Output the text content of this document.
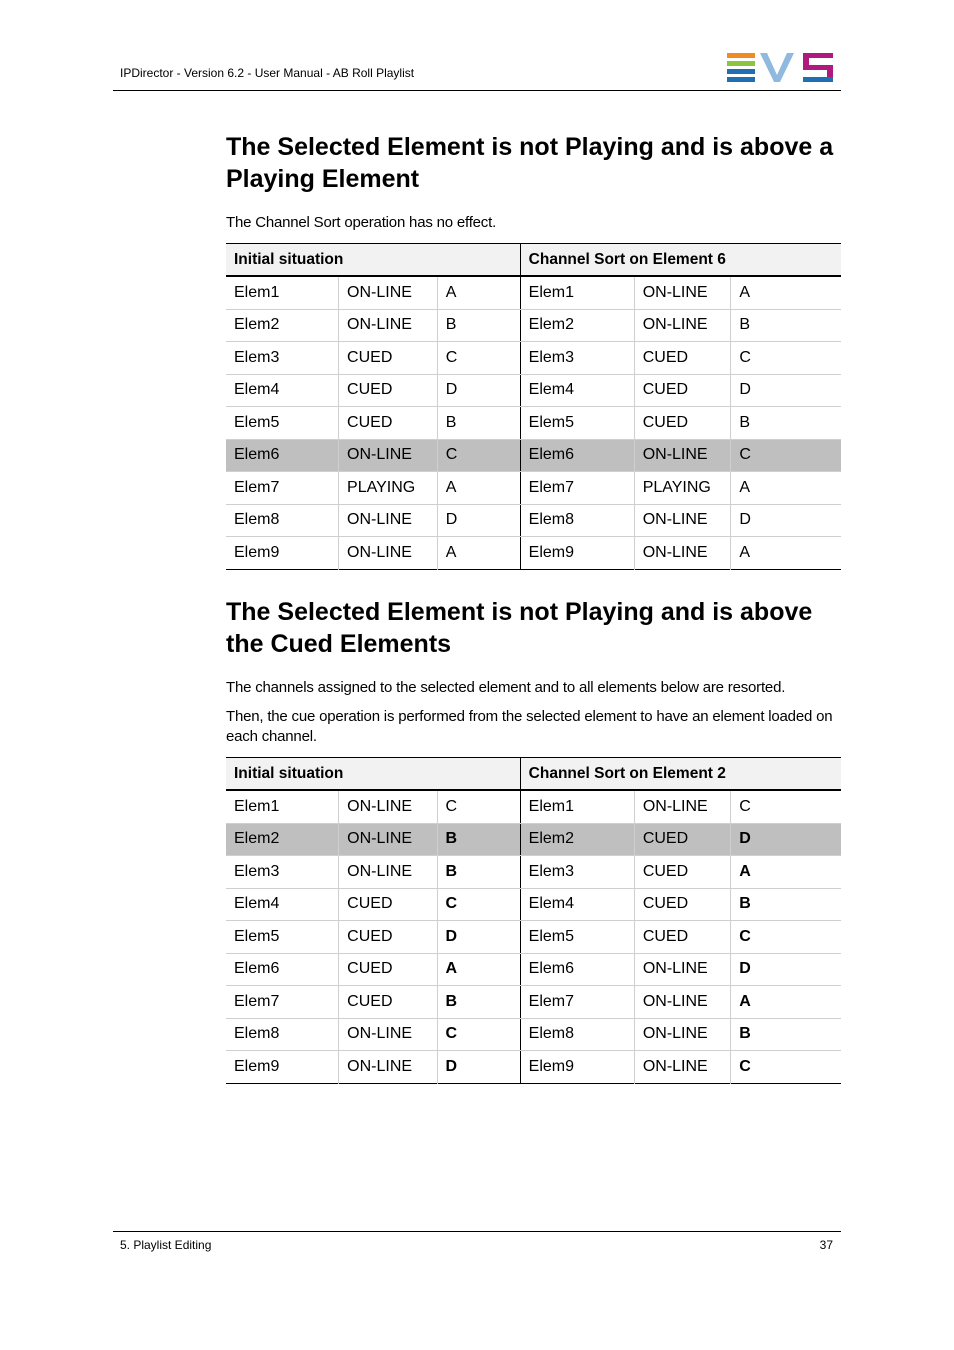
IPDirector - Version 6.2 - User Manual - AB Roll Playlist
The Selected Element is not Playing and is above a Playing Element

The Channel Sort operation has no effect.

Initial situation			Channel Sort on Element 6		
Elem1	ON-LINE	A	Elem1	ON-LINE	A
Elem2	ON-LINE	B	Elem2	ON-LINE	B
Elem3	CUED	C	Elem3	CUED	C
Elem4	CUED	D	Elem4	CUED	D
Elem5	CUED	B	Elem5	CUED	B
Elem6	ON-LINE	C	Elem6	ON-LINE	C
Elem7	PLAYING	A	Elem7	PLAYING	A
Elem8	ON-LINE	D	Elem8	ON-LINE	D
Elem9	ON-LINE	A	Elem9	ON-LINE	A
The Selected Element is not Playing and is above the Cued Elements

The channels assigned to the selected element and to all elements below are resorted.

Then, the cue operation is performed from the selected element to have an element loaded on each channel.

Initial situation			Channel Sort on Element 2		
Elem1	ON-LINE	C	Elem1	ON-LINE	C
Elem2	ON-LINE	B	Elem2	CUED	D
Elem3	ON-LINE	B	Elem3	CUED	A
Elem4	CUED	C	Elem4	CUED	B
Elem5	CUED	D	Elem5	CUED	C
Elem6	CUED	A	Elem6	ON-LINE	D
Elem7	CUED	B	Elem7	ON-LINE	A
Elem8	ON-LINE	C	Elem8	ON-LINE	B
Elem9	ON-LINE	D	Elem9	ON-LINE	C
5. Playlist Editing	37
